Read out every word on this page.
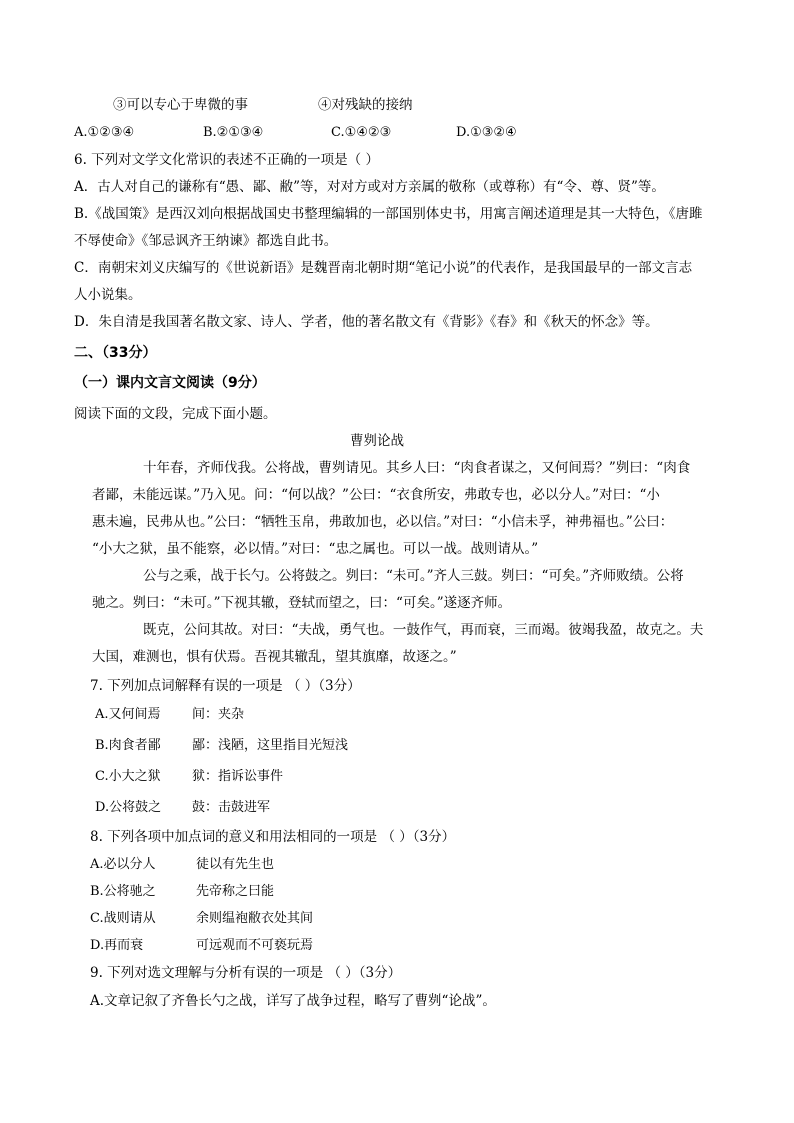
③可以专心于卑微的事	④对残缺的接纳
A.①②③④	B.②①③④	C.①④②③	D.①③②④
6. 下列对文学文化常识的表述不正确的一项是（ ）
A．古人对自己的谦称有“愚、鄙、敝”等，对对方或对方亲属的敬称（或尊称）有“令、尊、贤”等。
B.《战国策》是西汉刘向根据战国史书整理编辑的一部国别体史书，用寓言阐述道理是其一大特色，《唐雎
不辱使命》《邹忌讽齐王纳谏》都选自此书。
C．南朝宋刘义庆编写的《世说新语》是魏晋南北朝时期“笔记小说”的代表作，是我国最早的一部文言志
人小说集。
D．朱自清是我国著名散文家、诗人、学者，他的著名散文有《背影》《春》和《秋天的怀念》等。
二、（33分）
（一）课内文言文阅读（9分）
阅读下面的文段，完成下面小题。
曹刿论战
十年春，齐师伐我。公将战，曹刿请见。其乡人曰：“肉食者谋之，又何间焉？”刿曰：“肉食
者鄙，未能远谋。”乃入见。问：“何以战？”公曰：“衣食所安，弗敢专也，必以分人。”对曰：“小
惠未遍，民弗从也。”公曰：“牺牲玉帛，弗敢加也，必以信。”对曰：“小信未孚，神弗福也。”公曰：
“小大之狱，虽不能察，必以情。”对曰：“忠之属也。可以一战。战则请从。”
公与之乘，战于长勺。公将鼓之。刿曰：“未可。”齐人三鼓。刿曰：“可矣。”齐师败绩。公将
驰之。刿曰：“未可。”下视其辙，登轼而望之，曰：“可矣。”遂逐齐师。
既克，公问其故。对曰：“夫战，勇气也。一鼓作气，再而衰，三而竭。彼竭我盈，故克之。夫
大国，难测也，惧有伏焉。吾视其辙乱，望其旗靡，故逐之。”
7. 下列加点词解释有误的一项是 （ ）（3分）
A.又何间焉 间：夹杂
B.肉食者鄙 鄙：浅陋，这里指目光短浅
C.小大之狱 狱：指诉讼事件
D.公将鼓之 鼓：击鼓进军
8. 下列各项中加点词的意义和用法相同的一项是 （ ）（3分）
A.必以分人	徒以有先生也
B.公将驰之	先帝称之曰能
C.战则请从	余则缊袍敝衣处其间
D.再而衰	可远观而不可亵玩焉
9. 下列对选文理解与分析有误的一项是 （ ）（3分）
A.文章记叙了齐鲁长勺之战，详写了战争过程，略写了曹刿“论战”。
